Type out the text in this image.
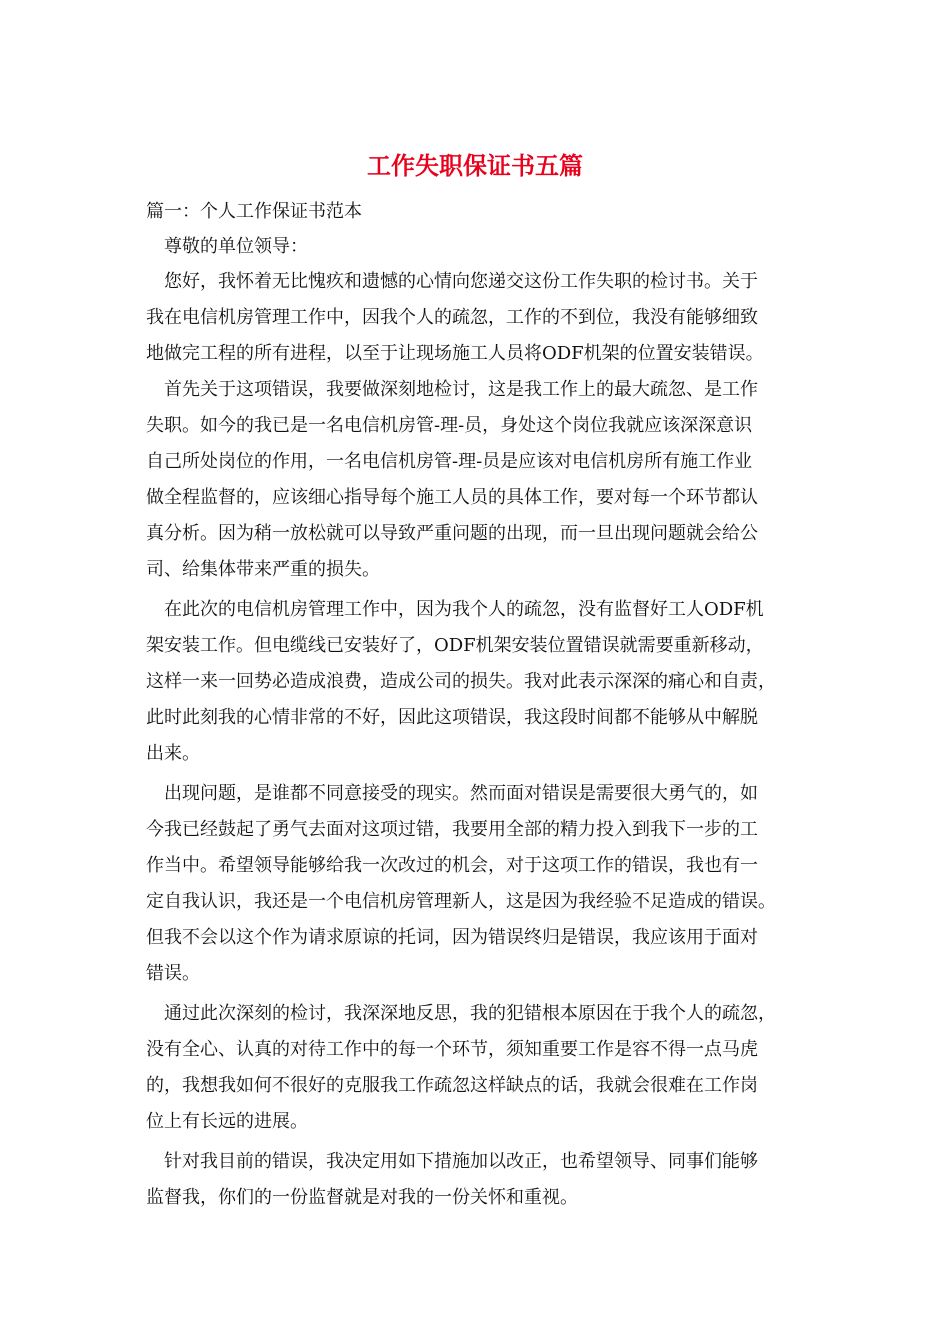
工作失职保证书五篇

篇一：个人工作保证书范本

　尊敬的单位领导：

　您好，我怀着无比愧疚和遗憾的心情向您递交这份工作失职的检讨书。关于

我在电信机房管理工作中，因我个人的疏忽，工作的不到位，我没有能够细致

地做完工程的所有进程，以至于让现场施工人员将ODF机架的位置安装错误。

　首先关于这项错误，我要做深刻地检讨，这是我工作上的最大疏忽、是工作

失职。如今的我已是一名电信机房管-理-员，身处这个岗位我就应该深深意识

自己所处岗位的作用，一名电信机房管-理-员是应该对电信机房所有施工作业

做全程监督的，应该细心指导每个施工人员的具体工作，要对每一个环节都认

真分析。因为稍一放松就可以导致严重问题的出现，而一旦出现问题就会给公

司、给集体带来严重的损失。

　在此次的电信机房管理工作中，因为我个人的疏忽，没有监督好工人ODF机

架安装工作。但电缆线已安装好了，ODF机架安装位置错误就需要重新移动，

这样一来一回势必造成浪费，造成公司的损失。我对此表示深深的痛心和自责，

此时此刻我的心情非常的不好，因此这项错误，我这段时间都不能够从中解脱

出来。

　出现问题，是谁都不同意接受的现实。然而面对错误是需要很大勇气的，如

今我已经鼓起了勇气去面对这项过错，我要用全部的精力投入到我下一步的工

作当中。希望领导能够给我一次改过的机会，对于这项工作的错误，我也有一

定自我认识，我还是一个电信机房管理新人，这是因为我经验不足造成的错误。

但我不会以这个作为请求原谅的托词，因为错误终归是错误，我应该用于面对

错误。

　通过此次深刻的检讨，我深深地反思，我的犯错根本原因在于我个人的疏忽，

没有全心、认真的对待工作中的每一个环节，须知重要工作是容不得一点马虎

的，我想我如何不很好的克服我工作疏忽这样缺点的话，我就会很难在工作岗

位上有长远的进展。

　针对我目前的错误，我决定用如下措施加以改正，也希望领导、同事们能够

监督我，你们的一份监督就是对我的一份关怀和重视。
